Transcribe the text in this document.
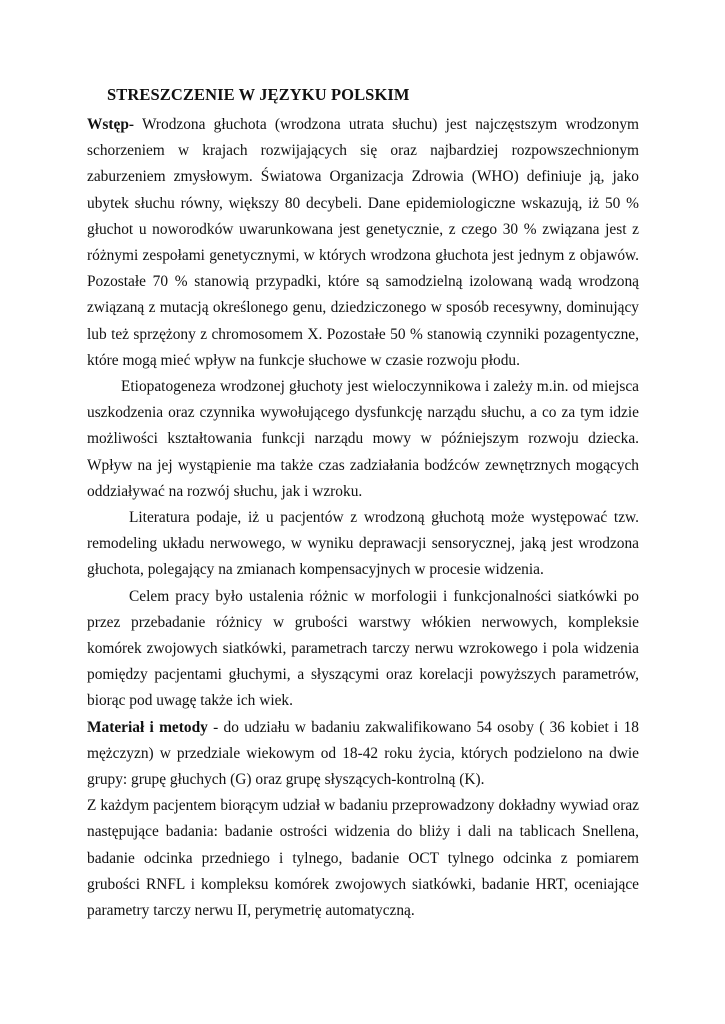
STRESZCZENIE W JĘZYKU POLSKIM

Wstęp- Wrodzona głuchota (wrodzona utrata słuchu) jest najczęstszym wrodzonym schorzeniem w krajach rozwijających się oraz najbardziej rozpowszechnionym zaburzeniem zmysłowym. Światowa Organizacja Zdrowia (WHO) definiuje ją, jako ubytek słuchu równy, większy 80 decybeli. Dane epidemiologiczne wskazują, iż 50 % głuchot u noworodków uwarunkowana jest genetycznie, z czego 30 % związana jest z różnymi zespołami genetycznymi, w których wrodzona głuchota jest jednym z objawów. Pozostałe 70 % stanowią przypadki, które są samodzielną izolowaną wadą wrodzoną związaną z mutacją określonego genu, dziedziczonego w sposób recesywny, dominujący lub też sprzężony z chromosomem X. Pozostałe 50 % stanowią czynniki pozagentyczne, które mogą mieć wpływ na funkcje słuchowe w czasie rozwoju płodu.

Etiopatogeneza wrodzonej głuchoty jest wieloczynnikowa i zależy m.in. od miejsca uszkodzenia oraz czynnika wywołującego dysfunkcję narządu słuchu, a co za tym idzie możliwości kształtowania funkcji narządu mowy w późniejszym rozwoju dziecka. Wpływ na jej wystąpienie ma także czas zadziałania bodźców zewnętrznych mogących oddziaływać na rozwój słuchu, jak i wzroku.

Literatura podaje, iż u pacjentów z wrodzoną głuchotą może występować tzw. remodeling układu nerwowego, w wyniku deprawacji sensorycznej, jaką jest wrodzona głuchota, polegający na zmianach kompensacyjnych w procesie widzenia.

Celem pracy było ustalenia różnic w morfologii i funkcjonalności siatkówki po przez przebadanie różnicy w grubości warstwy włókien nerwowych, kompleksie komórek zwojowych siatkówki, parametrach tarczy nerwu wzrokowego i pola widzenia pomiędzy pacjentami głuchymi, a słyszącymi oraz korelacji powyższych parametrów, biorąc pod uwagę także ich wiek.

Materiał i metody - do udziału w badaniu zakwalifikowano 54 osoby ( 36 kobiet i 18 mężczyzn) w przedziale wiekowym od 18-42 roku życia, których podzielono na dwie grupy: grupę głuchych (G) oraz grupę słyszących-kontrolną (K).

Z każdym pacjentem biorącym udział w badaniu przeprowadzony dokładny wywiad oraz następujące badania: badanie ostrości widzenia do bliży i dali na tablicach Snellena, badanie odcinka przedniego i tylnego, badanie OCT tylnego odcinka z pomiarem grubości RNFL i kompleksu komórek zwojowych siatkówki, badanie HRT, oceniające parametry tarczy nerwu II, perymetrię automatyczną.
